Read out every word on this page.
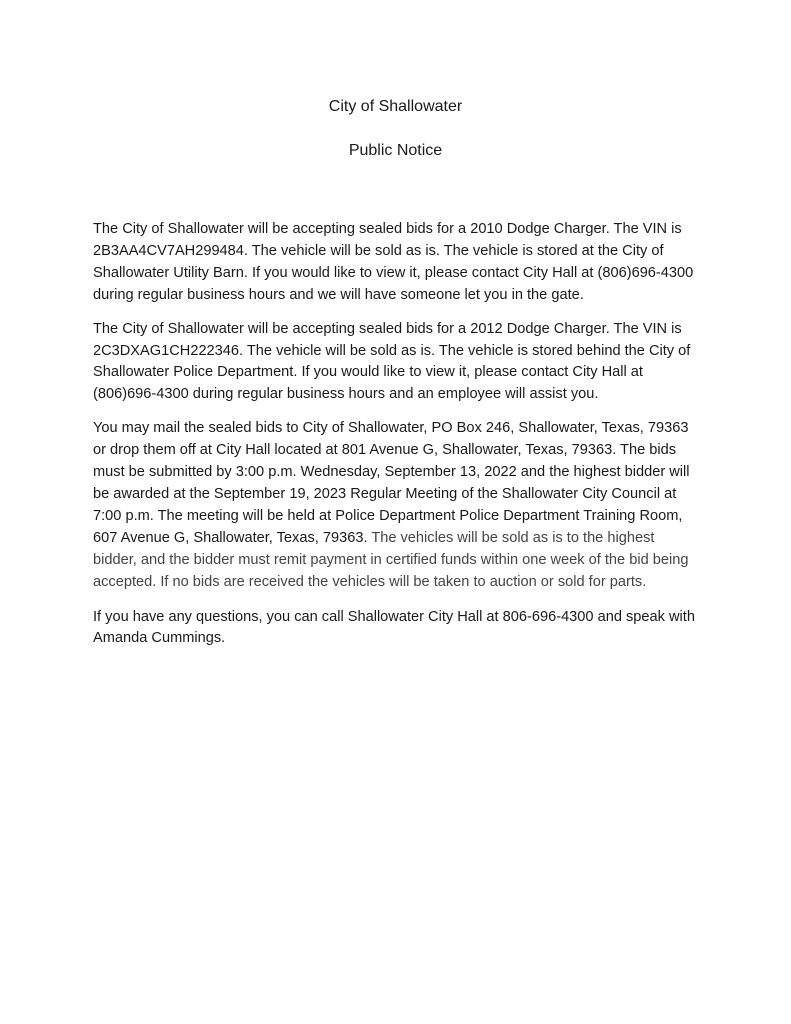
City of Shallowater
Public Notice

The City of Shallowater will be accepting sealed bids for a 2010 Dodge Charger. The VIN is 2B3AA4CV7AH299484. The vehicle will be sold as is. The vehicle is stored at the City of Shallowater Utility Barn. If you would like to view it, please contact City Hall at (806)696-4300 during regular business hours and we will have someone let you in the gate.

The City of Shallowater will be accepting sealed bids for a 2012 Dodge Charger. The VIN is 2C3DXAG1CH222346. The vehicle will be sold as is. The vehicle is stored behind the City of Shallowater Police Department. If you would like to view it, please contact City Hall at (806)696-4300 during regular business hours and an employee will assist you.

You may mail the sealed bids to City of Shallowater, PO Box 246, Shallowater, Texas, 79363 or drop them off at City Hall located at 801 Avenue G, Shallowater, Texas, 79363. The bids must be submitted by 3:00 p.m. Wednesday, September 13, 2022 and the highest bidder will be awarded at the September 19, 2023 Regular Meeting of the Shallowater City Council at 7:00 p.m. The meeting will be held at Police Department Police Department Training Room, 607 Avenue G, Shallowater, Texas, 79363. The vehicles will be sold as is to the highest bidder, and the bidder must remit payment in certified funds within one week of the bid being accepted. If no bids are received the vehicles will be taken to auction or sold for parts.

If you have any questions, you can call Shallowater City Hall at 806-696-4300 and speak with Amanda Cummings.
